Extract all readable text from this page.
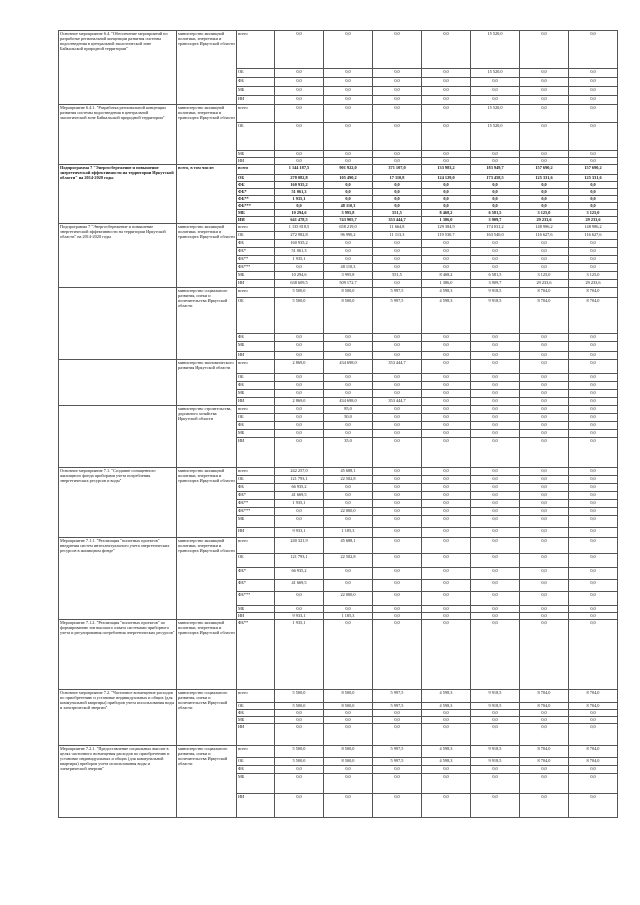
Основное мероприятие 6.4. "Обеспечение мероприятий по разработке региональной концепции развития системы водоотведения в центральной экологической зоне Байкальской природной территории"	министерство жилищной политики, энергетики и транспорта Иркутской области	всего	0,0	0,0	0,0	0,0	15 520,0	0,0	0,0
		ОБ	0,0	0,0	0,0	0,0	15 520,0	0,0	0,0
		ФБ	0,0	0,0	0,0	0,0	0,0	0,0	0,0
		МБ	0,0	0,0	0,0	0,0	0,0	0,0	0,0
		ИИ	0,0	0,0	0,0	0,0	0,0	0,0	0,0
Мероприятие 6.4.1. "Разработка региональной концепции развития системы водоотведения в центральной экологической зоне Байкальской природной территории"	министерство жилищной политики, энергетики и транспорта Иркутской области	всего	0,0	0,0	0,0	0,0	15 520,0	0,0	0,0
		ОБ	0,0	0,0	0,0	0,0	15 520,0	0,0	0,0
		МБ	0,0	0,0	0,0	0,0	0,0	0,0	0,0
		ИИ	0,0	0,0	0,0	0,0	0,0	0,0	0,0
Подпрограмма 7 "Энергосбережение и повышение энергетической эффективности на территории Иркутской области" на 2014-2020 годы	всего, в том числе:	всего	1 144 187,5	901 922,0	371 107,0	133 983,2	183 949,7	157 690,2	157 690,2
		ОБ	278 082,8	105 490,2	17 110,8	124 129,0	173 458,5	125 331,6	125 331,6
		ФБ	160 935,2	0,0	0,0	0,0	0,0	0,0	0,0
		ФБ*	51 061,3	0,0	0,0	0,0	0,0	0,0	0,0
		ФБ**	1 935,1	0,0	0,0	0,0	0,0	0,0	0,0
		ФБ***	0,0	48 110,3	0,0	0,0	0,0	0,0	0,0
		МБ	10 294,6	3 995,8	551,5	8 468,2	6 581,5	3 125,0	3 125,0
		ИИ	641 478,5	743 905,7	353 444,7	1 386,0	3 909,7	29 233,6	29 233,6
Подпрограмма 7 "Энергосбережение и повышение энергетической эффективности на территории Иркутской области" на 2014-2020 годы	министерство жилищной политики, энергетики и транспорта Иркутской области	всего	1 135 818,5	658 219,0	11 664,8	129 384,9	174 031,2	148 986,2	148 986,2
		ОБ	272 982,8	96 990,2	11 113,3	119 530,7	163 540,0	116 627,6	116 627,6
		ФБ	160 935,2	0,0	0,0	0,0	0,0	0,0	0,0
		ФБ*	51 061,3	0,0	0,0	0,0	0,0	0,0	0,0
		ФБ**	1 935,1	0,0	0,0	0,0	0,0	0,0	0,0
		ФБ***	0,0	48 110,3	0,0	0,0	0,0	0,0	0,0
		МБ	10 294,6	3 995,8	551,5	8 468,2	6 581,5	3 125,0	3 125,0
		ИИ	638 609,5	509 172,7	0,0	1 386,0	3 909,7	29 233,6	29 233,6
	министерство социального развития, опеки и попечительства Иркутской области	всего	5 500,0	8 500,0	5 997,5	4 598,3	9 918,5	8 704,0	8 704,0
		ОБ	5 500,0	8 500,0	5 997,5	4 598,3	9 918,5	8 704,0	8 704,0
		ФБ	0,0	0,0	0,0	0,0	0,0	0,0	0,0
		МБ	0,0	0,0	0,0	0,0	0,0	0,0	0,0
		ИИ	0,0	0,0	0,0	0,0	0,0	0,0	0,0
	министерство экономического развития Иркутской области	всего	2 869,0	434 698,0	353 444,7	0,0	0,0	0,0	0,0
		ОБ	0,0	0,0	0,0	0,0	0,0	0,0	0,0
		ФБ	0,0	0,0	0,0	0,0	0,0	0,0	0,0
		МБ	0,0	0,0	0,0	0,0	0,0	0,0	0,0
		ИИ	2 869,0	434 698,0	353 444,7	0,0	0,0	0,0	0,0
	министерство строительства, дорожного хозяйства Иркутской области	всего	0,0	85,0	0,0	0,0	0,0	0,0	0,0
		ОБ	0,0	50,0	0,0	0,0	0,0	0,0	0,0
		ФБ	0,0	0,0	0,0	0,0	0,0	0,0	0,0
		МБ	0,0	0,0	0,0	0,0	0,0	0,0	0,0
		ИИ	0,0	35,0	0,0	0,0	0,0	0,0	0,0
Основное мероприятие 7.1. "Создание оснащенного жилищного фонда приборами учета потребления энергетических ресурсов и воды"	министерство жилищной политики, энергетики и транспорта Иркутской области	всего	242 257,0	45 688,1	0,0	0,0	0,0	0,0	0,0
		ОБ	121 793,1	22 502,8	0,0	0,0	0,0	0,0	0,0
		ФБ	66 935,2	0,0	0,0	0,0	0,0	0,0	0,0
		ФБ*	41 669,5	0,0	0,0	0,0	0,0	0,0	0,0
		ФБ**	1 935,1	0,0	0,0	0,0	0,0	0,0	0,0
		ФБ***	0,0	22 000,0	0,0	0,0	0,0	0,0	0,0
		МБ	0,0	0,0	0,0	0,0	0,0	0,0	0,0
		ИИ	9 933,1	1 185,3	0,0	0,0	0,0	0,0	0,0
Мероприятие 7.1.1. "Реализация "пилотных проектов" внедрения систем интеллектуального учета энергетических ресурсов в жилищном фонде"	министерство жилищной политики, энергетики и транспорта Иркутской области	всего	240 321,9	45 688,1	0,0	0,0	0,0	0,0	0,0
		ОБ	121 793,1	22 502,8	0,0	0,0	0,0	0,0	0,0
		ФБ*	66 935,2	0,0	0,0	0,0	0,0	0,0	0,0
		ФБ*	41 669,5	0,0	0,0	0,0	0,0	0,0	0,0
		ФБ***	0,0	22 000,0	0,0	0,0	0,0	0,0	0,0
		МБ	0,0	0,0	0,0	0,0	0,0	0,0	0,0
		ИИ	9 933,1	1 185,3	0,0	0,0	0,0	0,0	0,0
Мероприятие 7.1.2. "Реализация "пилотных проектов" по формированию зон высокого охвата системами приборного учета и регулирования потребления энергетических ресурсов"	министерство жилищной политики, энергетики и транспорта Иркутской области	ФБ**	1 935,1	0,0	0,0	0,0	0,0	0,0	0,0
Основное мероприятие 7.2. "Частичное возмещение расходов по приобретению и установке индивидуальных и общих (для коммунальной квартиры) приборов учета использования воды и электрической энергии"	министерство социального развития, опеки и попечительства Иркутской области	всего	5 500,0	8 500,0	5 997,5	4 598,3	9 918,5	8 704,0	8 704,0
		ОБ	5 500,0	8 500,0	5 997,5	4 598,3	9 918,5	8 704,0	8 704,0
		ФБ	0,0	0,0	0,0	0,0	0,0	0,0	0,0
		МБ	0,0	0,0	0,0	0,0	0,0	0,0	0,0
		ИИ	0,0	0,0	0,0	0,0	0,0	0,0	0,0
Мероприятие 7.2.1. "Предоставление социальных выплат в целях частичного возмещения расходов по приобретению и установке индивидуальных и общих (для коммунальной квартиры) приборов учета использования воды и электрической энергии"	министерство социального развития, опеки и попечительства Иркутской области	всего	5 500,0	8 500,0	5 997,5	4 598,3	9 918,5	8 704,0	8 704,0
		ОБ	5 500,0	8 500,0	5 997,5	4 598,3	9 918,5	8 704,0	8 704,0
		ФБ	0,0	0,0	0,0	0,0	0,0	0,0	0,0
		МБ	0,0	0,0	0,0	0,0	0,0	0,0	0,0
		ИИ	0,0	0,0	0,0	0,0	0,0	0,0	0,0
